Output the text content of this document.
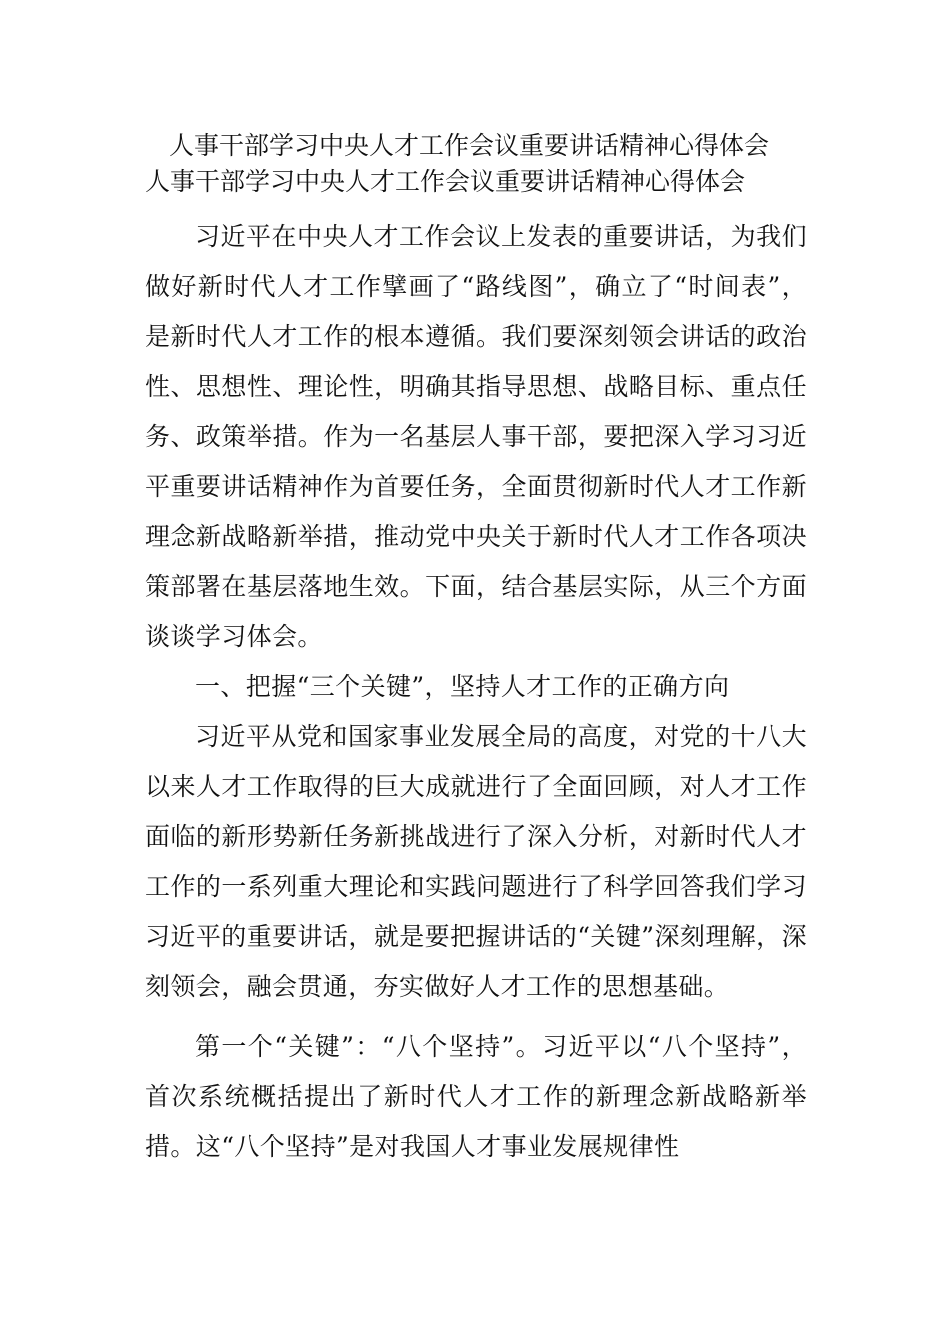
人事干部学习中央人才工作会议重要讲话精神心得体会
人事干部学习中央人才工作会议重要讲话精神心得体会

习近平在中央人才工作会议上发表的重要讲话，为我们做好新时代人才工作擘画了“路线图”，确立了“时间表”，是新时代人才工作的根本遵循。我们要深刻领会讲话的政治性、思想性、理论性，明确其指导思想、战略目标、重点任务、政策举措。作为一名基层人事干部，要把深入学习习近平重要讲话精神作为首要任务，全面贯彻新时代人才工作新理念新战略新举措，推动党中央关于新时代人才工作各项决策部署在基层落地生效。下面，结合基层实际，从三个方面谈谈学习体会。

一、把握“三个关键”，坚持人才工作的正确方向

习近平从党和国家事业发展全局的高度，对党的十八大以来人才工作取得的巨大成就进行了全面回顾，对人才工作面临的新形势新任务新挑战进行了深入分析，对新时代人才工作的一系列重大理论和实践问题进行了科学回答我们学习习近平的重要讲话，就是要把握讲话的“关键”深刻理解，深刻领会，融会贯通，夯实做好人才工作的思想基础。

第一个“关键”：“八个坚持”。习近平以“八个坚持”，首次系统概括提出了新时代人才工作的新理念新战略新举措。这“八个坚持”是对我国人才事业发展规律性
